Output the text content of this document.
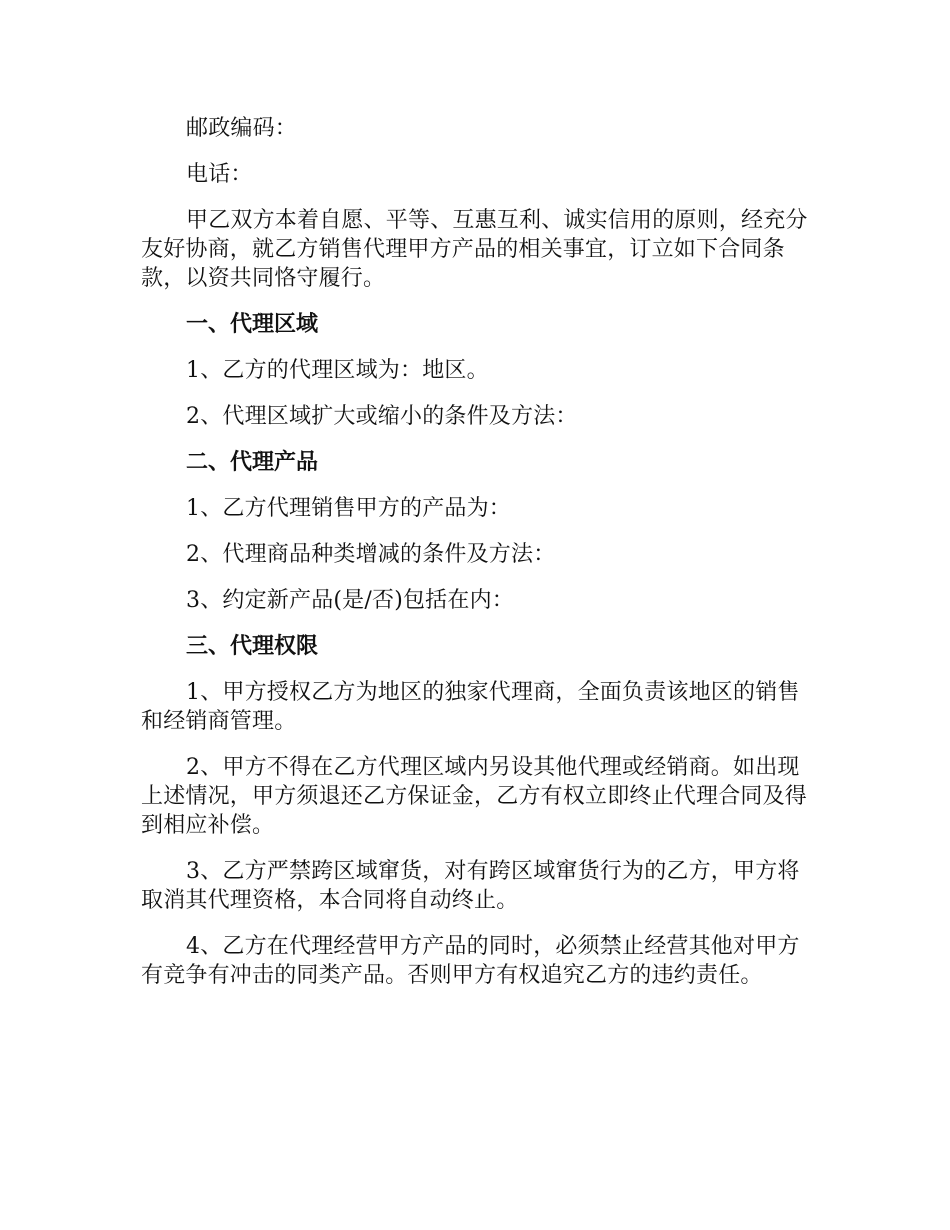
邮政编码：

电话：

甲乙双方本着自愿、平等、互惠互利、诚实信用的原则，经充分友好协商，就乙方销售代理甲方产品的相关事宜，订立如下合同条款，以资共同恪守履行。

一、代理区域

1、乙方的代理区域为：地区。

2、代理区域扩大或缩小的条件及方法：

二、代理产品

1、乙方代理销售甲方的产品为：

2、代理商品种类增减的条件及方法：

3、约定新产品(是/否)包括在内：

三、代理权限

1、甲方授权乙方为地区的独家代理商，全面负责该地区的销售和经销商管理。

2、甲方不得在乙方代理区域内另设其他代理或经销商。如出现上述情况，甲方须退还乙方保证金，乙方有权立即终止代理合同及得到相应补偿。

3、乙方严禁跨区域窜货，对有跨区域窜货行为的乙方，甲方将取消其代理资格，本合同将自动终止。

4、乙方在代理经营甲方产品的同时，必须禁止经营其他对甲方有竞争有冲击的同类产品。否则甲方有权追究乙方的违约责任。
